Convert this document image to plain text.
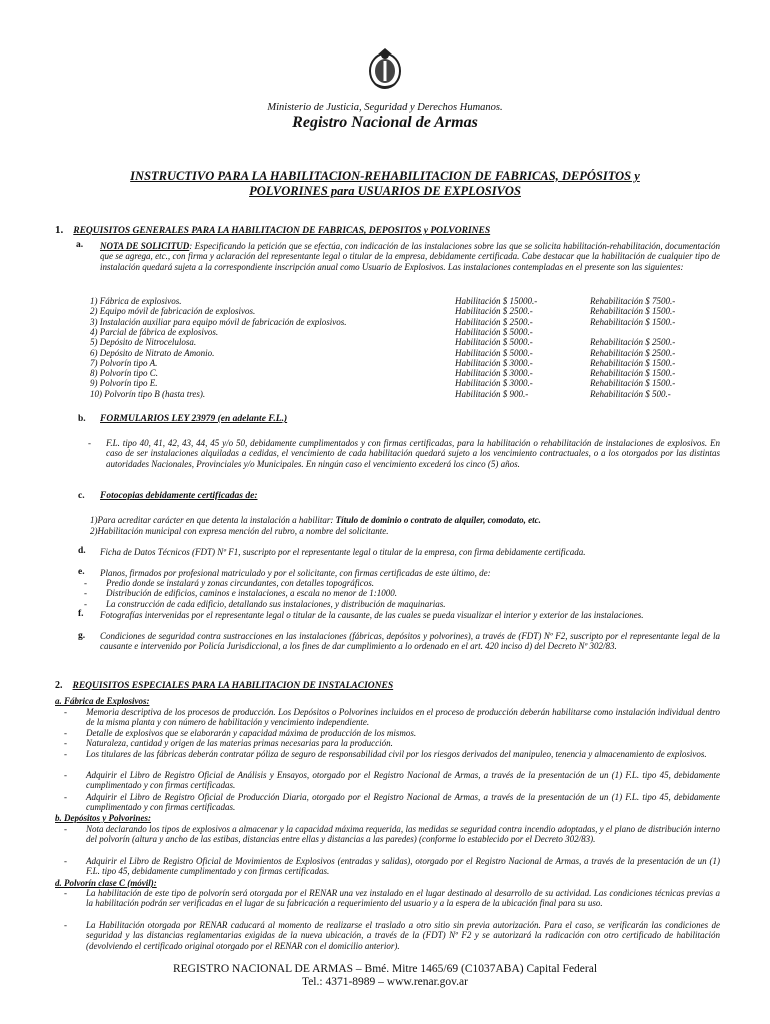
Ministerio de Justicia, Seguridad y Derechos Humanos.
Registro Nacional de Armas
INSTRUCTIVO PARA LA HABILITACION-REHABILITACION DE FABRICAS, DEPÓSITOS y
POLVORINES para USUARIOS DE EXPLOSIVOS
1. REQUISITOS GENERALES PARA LA HABILITACION DE FABRICAS, DEPOSITOS y POLVORINES
a. NOTA DE SOLICITUD: Especificando la petición que se efectúa, con indicación de las instalaciones sobre las que se solicita habilitación-rehabilitación, documentación que se agrega, etc., con firma y aclaración del representante legal o titular de la empresa, debidamente certificada. Cabe destacar que la habilitación de cualquier tipo de instalación quedará sujeta a la correspondiente inscripción anual como Usuario de Explosivos. Las instalaciones contempladas en el presente son las siguientes:
1) Fábrica de explosivos.	Habilitación $ 15000.-	Rehabilitación $ 7500.-
2) Equipo móvil de fabricación de explosivos.	Habilitación $ 2500.-	Rehabilitación $ 1500.-
3) Instalación auxiliar para equipo móvil de fabricación de explosivos.	Habilitación $ 2500.-	Rehabilitación $ 1500.-
4) Parcial de fábrica de explosivos.	Habilitación $ 5000.-
5) Depósito de Nitrocelulosa.	Habilitación $ 5000.-	Rehabilitación $ 2500.-
6) Depósito de Nitrato de Amonio.	Habilitación $ 5000.-	Rehabilitación $ 2500.-
7) Polvorín tipo A.	Habilitación $ 3000.-	Rehabilitación $ 1500.-
8) Polvorín tipo C.	Habilitación $ 3000.-	Rehabilitación $ 1500.-
9) Polvorín tipo E.	Habilitación $ 3000.-	Rehabilitación $ 1500.-
10) Polvorín tipo B (hasta tres).	Habilitación $ 900.-	Rehabilitación $ 500.-
b. FORMULARIOS LEY 23979 (en adelante F.L.)
- F.L. tipo 40, 41, 42, 43, 44, 45 y/o 50, debidamente cumplimentados y con firmas certificadas, para la habilitación o rehabilitación de instalaciones de explosivos. En caso de ser instalaciones alquiladas a cedidas, el vencimiento de cada habilitación quedará sujeto a los vencimiento contractuales, o a los otorgados por las distintas autoridades Nacionales, Provinciales y/o Municipales. En ningún caso el vencimiento excederá los cinco (5) años.
c. Fotocopias debidamente certificadas de:
1)Para acreditar carácter en que detenta la instalación a habilitar: Título de dominio o contrato de alquiler, comodato, etc.
2)Habilitación municipal con expresa mención del rubro, a nombre del solicitante.
d. Ficha de Datos Técnicos (FDT) Nº F1, suscripto por el representante legal o titular de la empresa, con firma debidamente certificada.
e. Planos, firmados por profesional matriculado y por el solicitante, con firmas certificadas de este último, de:
- Predio donde se instalará y zonas circundantes, con detalles topográficos.
- Distribución de edificios, caminos e instalaciones, a escala no menor de 1:1000.
- La construcción de cada edificio, detallando sus instalaciones, y distribución de maquinarias.
f. Fotografías intervenidas por el representante legal o titular de la causante, de las cuales se pueda visualizar el interior y exterior de las instalaciones.
g. Condiciones de seguridad contra sustracciones en las instalaciones (fábricas, depósitos y polvorines), a través de (FDT) Nº F2, suscripto por el representante legal de la causante e intervenido por Policía Jurisdiccional, a los fines de dar cumplimiento a lo ordenado en el art. 420 inciso d) del Decreto Nº 302/83.
2. REQUISITOS ESPECIALES PARA LA HABILITACION DE INSTALACIONES
a. Fábrica de Explosivos:
- Memoria descriptiva de los procesos de producción. Los Depósitos o Polvorines incluidos en el proceso de producción deberán habilitarse como instalación individual dentro de la misma planta y con número de habilitación y vencimiento independiente.
- Detalle de explosivos que se elaborarán y capacidad máxima de producción de los mismos.
- Naturaleza, cantidad y origen de las materias primas necesarias para la producción.
- Los titulares de las fábricas deberán contratar póliza de seguro de responsabilidad civil por los riesgos derivados del manipuleo, tenencia y almacenamiento de explosivos.
- Adquirir el Libro de Registro Oficial de Análisis y Ensayos, otorgado por el Registro Nacional de Armas, a través de la presentación de un (1) F.L. tipo 45, debidamente cumplimentado y con firmas certificadas.
- Adquirir el Libro de Registro Oficial de Producción Diaria, otorgado por el Registro Nacional de Armas, a través de la presentación de un (1) F.L. tipo 45, debidamente cumplimentado y con firmas certificadas.
b. Depósitos y Polvorines:
- Nota declarando los tipos de explosivos a almacenar y la capacidad máxima requerida, las medidas se seguridad contra incendio adoptadas, y el plano de distribución interno del polvorín (altura y ancho de las estibas, distancias entre ellas y distancias a las paredes) (conforme lo establecido por el Decreto 302/83).
- Adquirir el Libro de Registro Oficial de Movimientos de Explosivos (entradas y salidas), otorgado por el Registro Nacional de Armas, a través de la presentación de un (1) F.L. tipo 45, debidamente cumplimentado y con firmas certificadas.
d. Polvorín clase C (móvil):
- La habilitación de este tipo de polvorín será otorgada por el RENAR una vez instalado en el lugar destinado al desarrollo de su actividad. Las condiciones técnicas previas a la habilitación podrán ser verificadas en el lugar de su fabricación a requerimiento del usuario y a la espera de la ubicación final para su uso.
- La Habilitación otorgada por RENAR caducará al momento de realizarse el traslado a otro sitio sin previa autorización. Para el caso, se verificarán las condiciones de seguridad y las distancias reglamentarias exigidas de la nueva ubicación, a través de la (FDT) Nº F2 y se autorizará la radicación con otro certificado de habilitación (devolviendo el certificado original otorgado por el RENAR con el domicilio anterior).
REGISTRO NACIONAL DE ARMAS – Bmé. Mitre 1465/69 (C1037ABA) Capital Federal
Tel.: 4371-8989 – www.renar.gov.ar
